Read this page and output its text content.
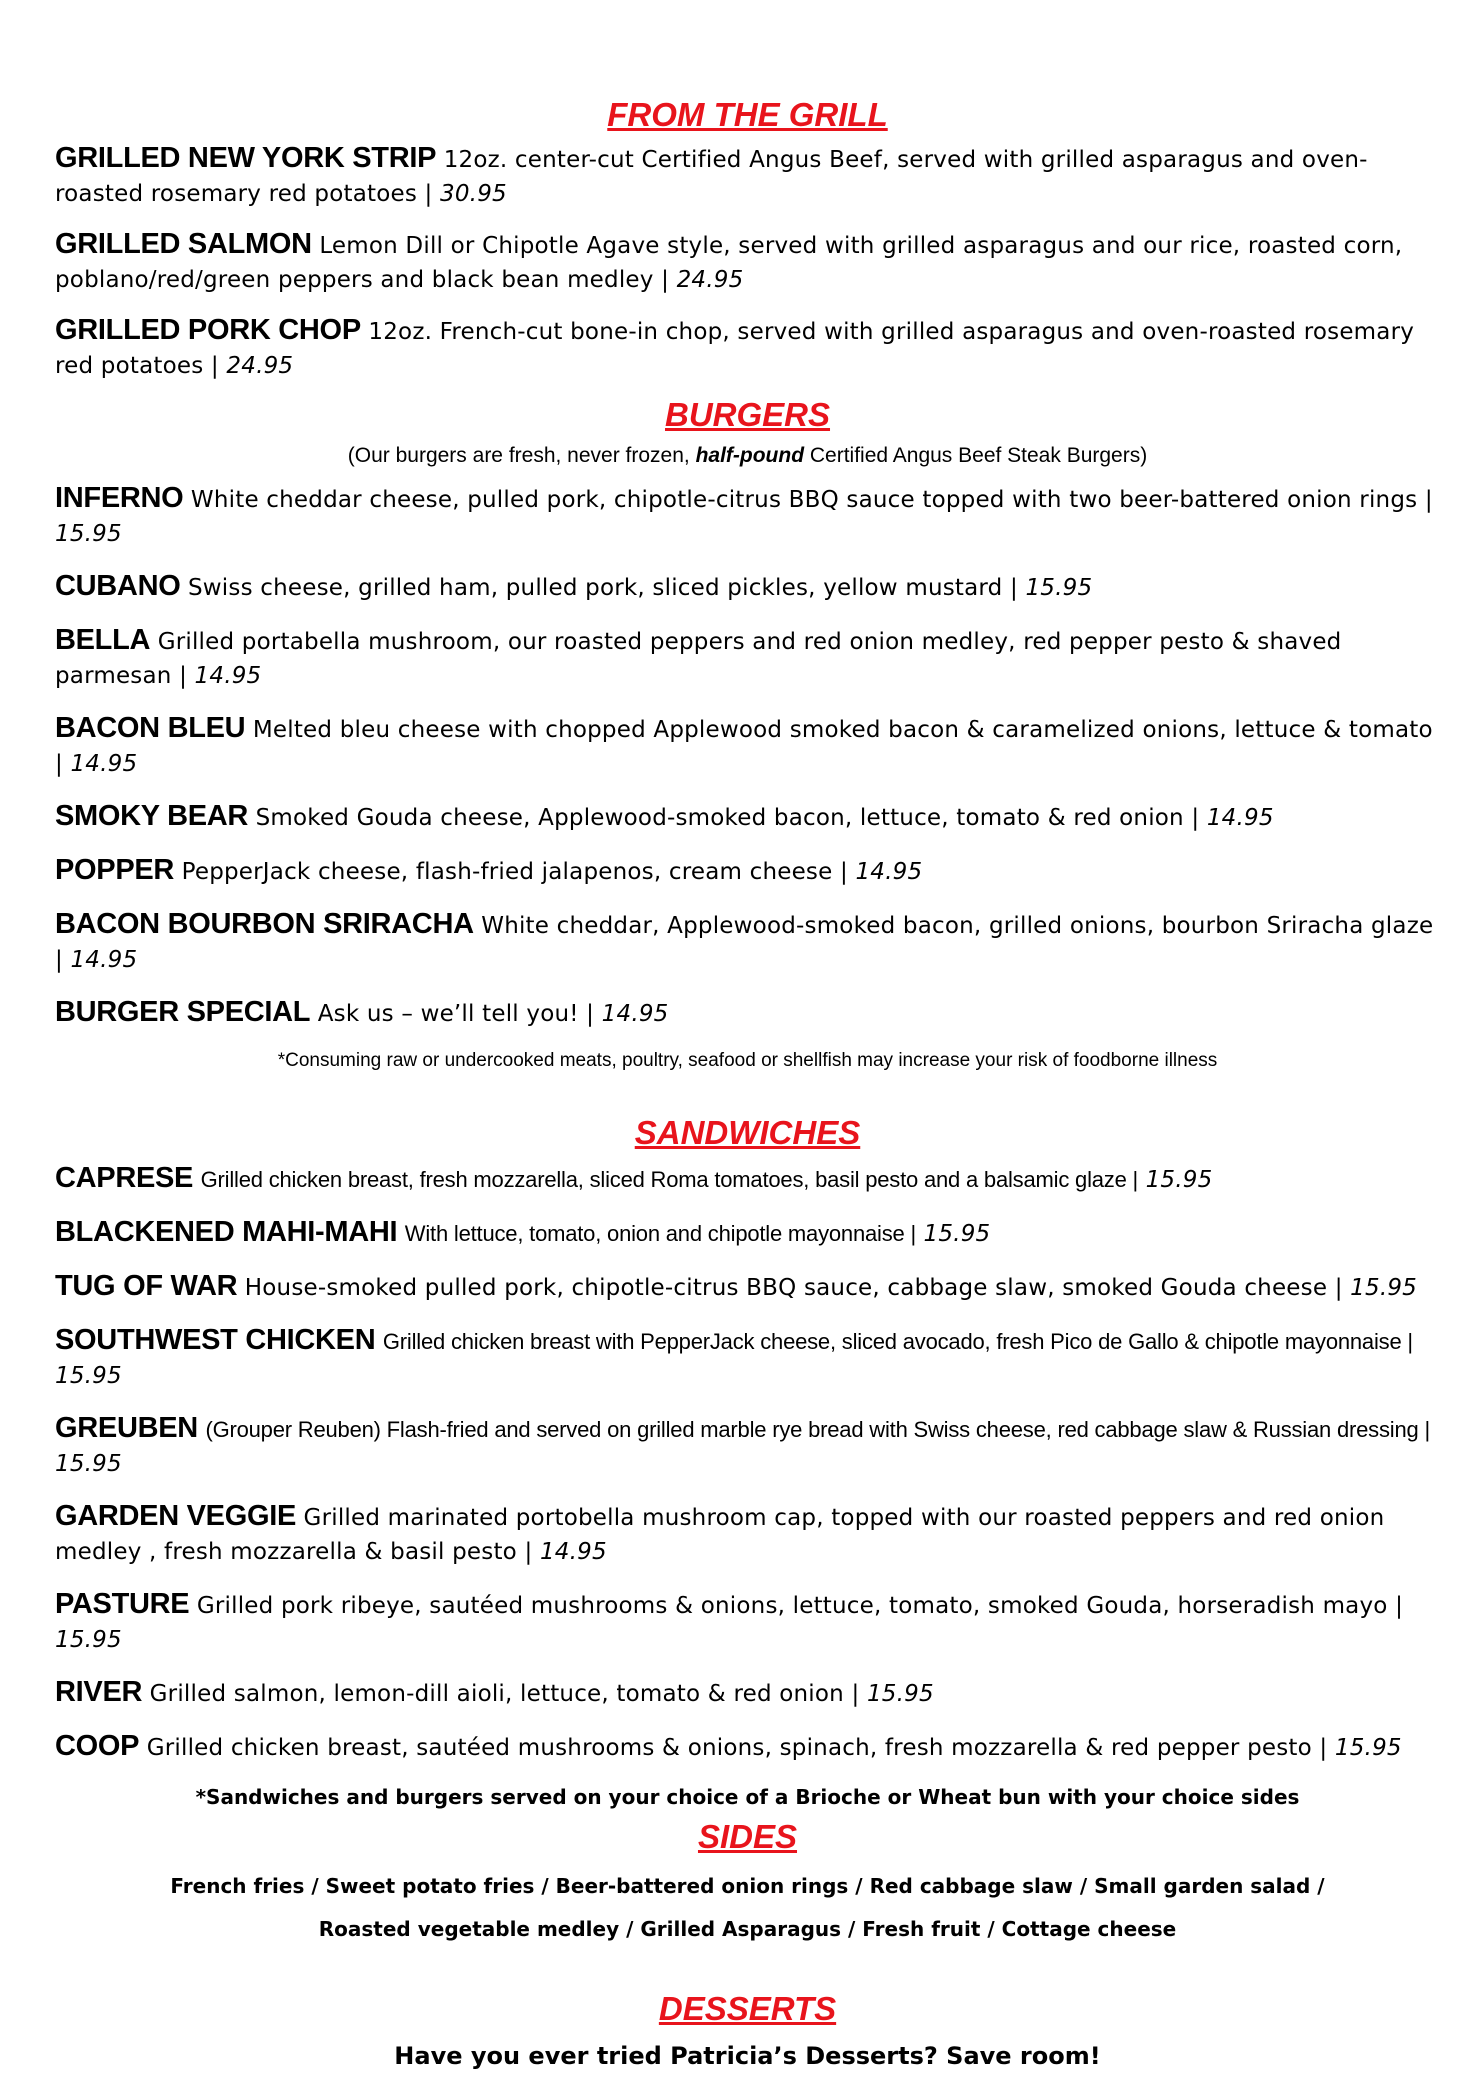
FROM THE GRILL
GRILLED NEW YORK STRIP 12oz. center-cut Certified Angus Beef, served with grilled asparagus and oven-roasted rosemary red potatoes | 30.95
GRILLED SALMON Lemon Dill or Chipotle Agave style, served with grilled asparagus and our rice, roasted corn, poblano/red/green peppers and black bean medley | 24.95
GRILLED PORK CHOP 12oz. French-cut bone-in chop, served with grilled asparagus and oven-roasted rosemary red potatoes | 24.95
BURGERS
(Our burgers are fresh, never frozen, half-pound Certified Angus Beef Steak Burgers)
INFERNO White cheddar cheese, pulled pork, chipotle-citrus BBQ sauce topped with two beer-battered onion rings | 15.95
CUBANO Swiss cheese, grilled ham, pulled pork, sliced pickles, yellow mustard | 15.95
BELLA Grilled portabella mushroom, our roasted peppers and red onion medley, red pepper pesto & shaved parmesan | 14.95
BACON BLEU Melted bleu cheese with chopped Applewood smoked bacon & caramelized onions, lettuce & tomato | 14.95
SMOKY BEAR Smoked Gouda cheese, Applewood-smoked bacon, lettuce, tomato & red onion | 14.95
POPPER PepperJack cheese, flash-fried jalapenos, cream cheese | 14.95
BACON BOURBON SRIRACHA White cheddar, Applewood-smoked bacon, grilled onions, bourbon Sriracha glaze | 14.95
BURGER SPECIAL Ask us – we’ll tell you! | 14.95
*Consuming raw or undercooked meats, poultry, seafood or shellfish may increase your risk of foodborne illness
SANDWICHES
CAPRESE Grilled chicken breast, fresh mozzarella, sliced Roma tomatoes, basil pesto and a balsamic glaze | 15.95
BLACKENED MAHI-MAHI With lettuce, tomato, onion and chipotle mayonnaise | 15.95
TUG OF WAR House-smoked pulled pork, chipotle-citrus BBQ sauce, cabbage slaw, smoked Gouda cheese | 15.95
SOUTHWEST CHICKEN Grilled chicken breast with PepperJack cheese, sliced avocado, fresh Pico de Gallo & chipotle mayonnaise | 15.95
GREUBEN (Grouper Reuben) Flash-fried and served on grilled marble rye bread with Swiss cheese, red cabbage slaw & Russian dressing | 15.95
GARDEN VEGGIE Grilled marinated portobella mushroom cap, topped with our roasted peppers and red onion medley , fresh mozzarella & basil pesto | 14.95
PASTURE Grilled pork ribeye, sautéed mushrooms & onions, lettuce, tomato, smoked Gouda, horseradish mayo | 15.95
RIVER Grilled salmon, lemon-dill aioli, lettuce, tomato & red onion | 15.95
COOP Grilled chicken breast, sautéed mushrooms & onions, spinach, fresh mozzarella & red pepper pesto | 15.95
*Sandwiches and burgers served on your choice of a Brioche or Wheat bun with your choice sides
SIDES
French fries / Sweet potato fries / Beer-battered onion rings / Red cabbage slaw / Small garden salad /
Roasted vegetable medley / Grilled Asparagus / Fresh fruit / Cottage cheese
DESSERTS
Have you ever tried Patricia’s Desserts? Save room!
